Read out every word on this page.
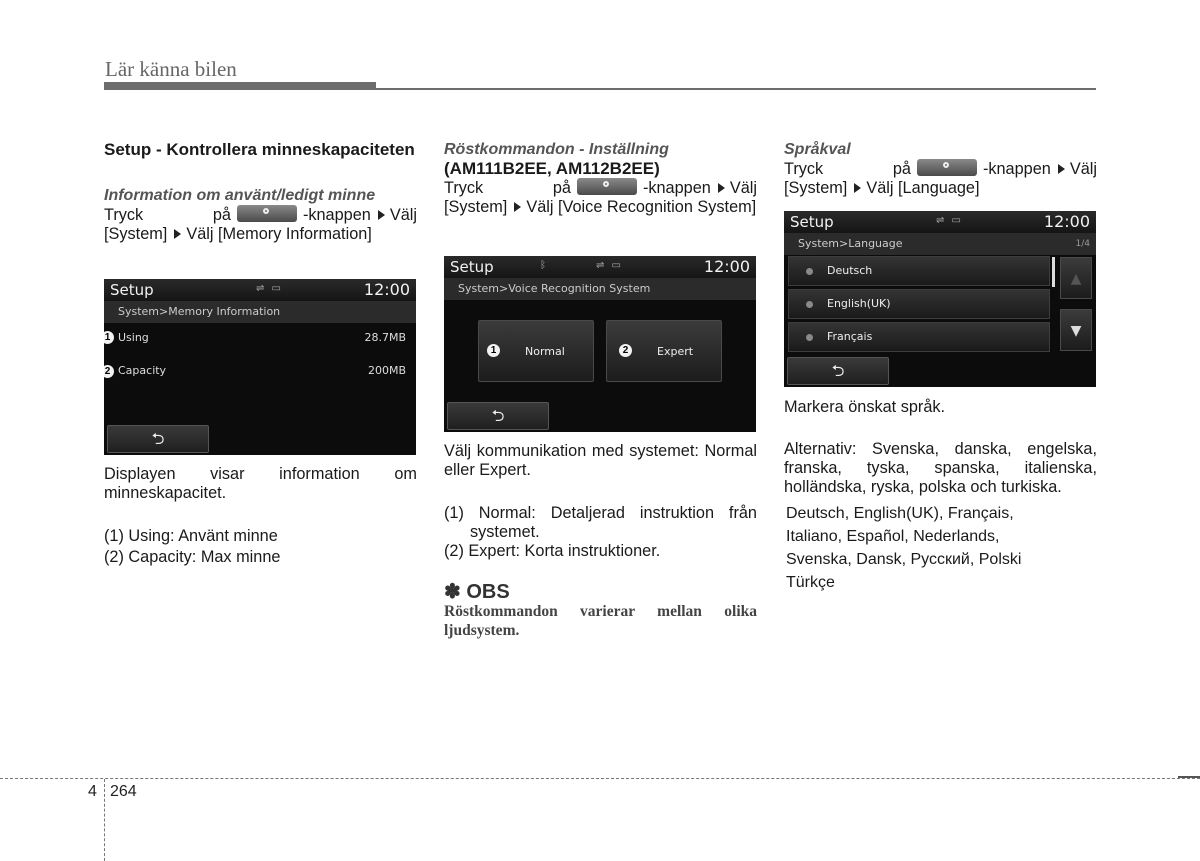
Lär känna bilen
Setup - Kontrollera minneskapaciteten
Information om använt/ledigt minne
Tryck på	-knappen Välj
[System] Välj [Memory Information]
Setup	⇌ ▭	12:00
System>Memory Information
1 Using	28.7MB
2 Capacity	200MB
⮌
Displayen visar information om minneskapacitet.
(1) Using: Använt minne
(2) Capacity: Max minne
Röstkommandon - Inställning
(AM111B2EE, AM112B2EE)
Tryck på	-knappen Välj
[System] Välj [Voice Recognition System]
Setup	ᛒ	⇌ ▭	12:00
System>Voice Recognition System
1	Normal	2	Expert
⮌
Välj kommunikation med systemet: Normal eller Expert.
(1) Normal: Detaljerad instruktion från
systemet.
(2) Expert: Korta instruktioner.
✽ OBS
Röstkommandon varierar mellan olika ljudsystem.
Språkval
Tryck på	-knappen Välj
[System] Välj [Language]
Setup	⇌ ▭	12:00
System>Language	1/4
Deutsch
English(UK)
Français
▲
▼
⮌
Markera önskat språk.
Alternativ: Svenska, danska, engelska, franska, tyska, spanska, italienska, holländska, ryska, polska och turkiska.
Deutsch, English(UK), Français,
Italiano, Español, Nederlands,
Svenska, Dansk, Русский, Polski
Türkçe
4 264
